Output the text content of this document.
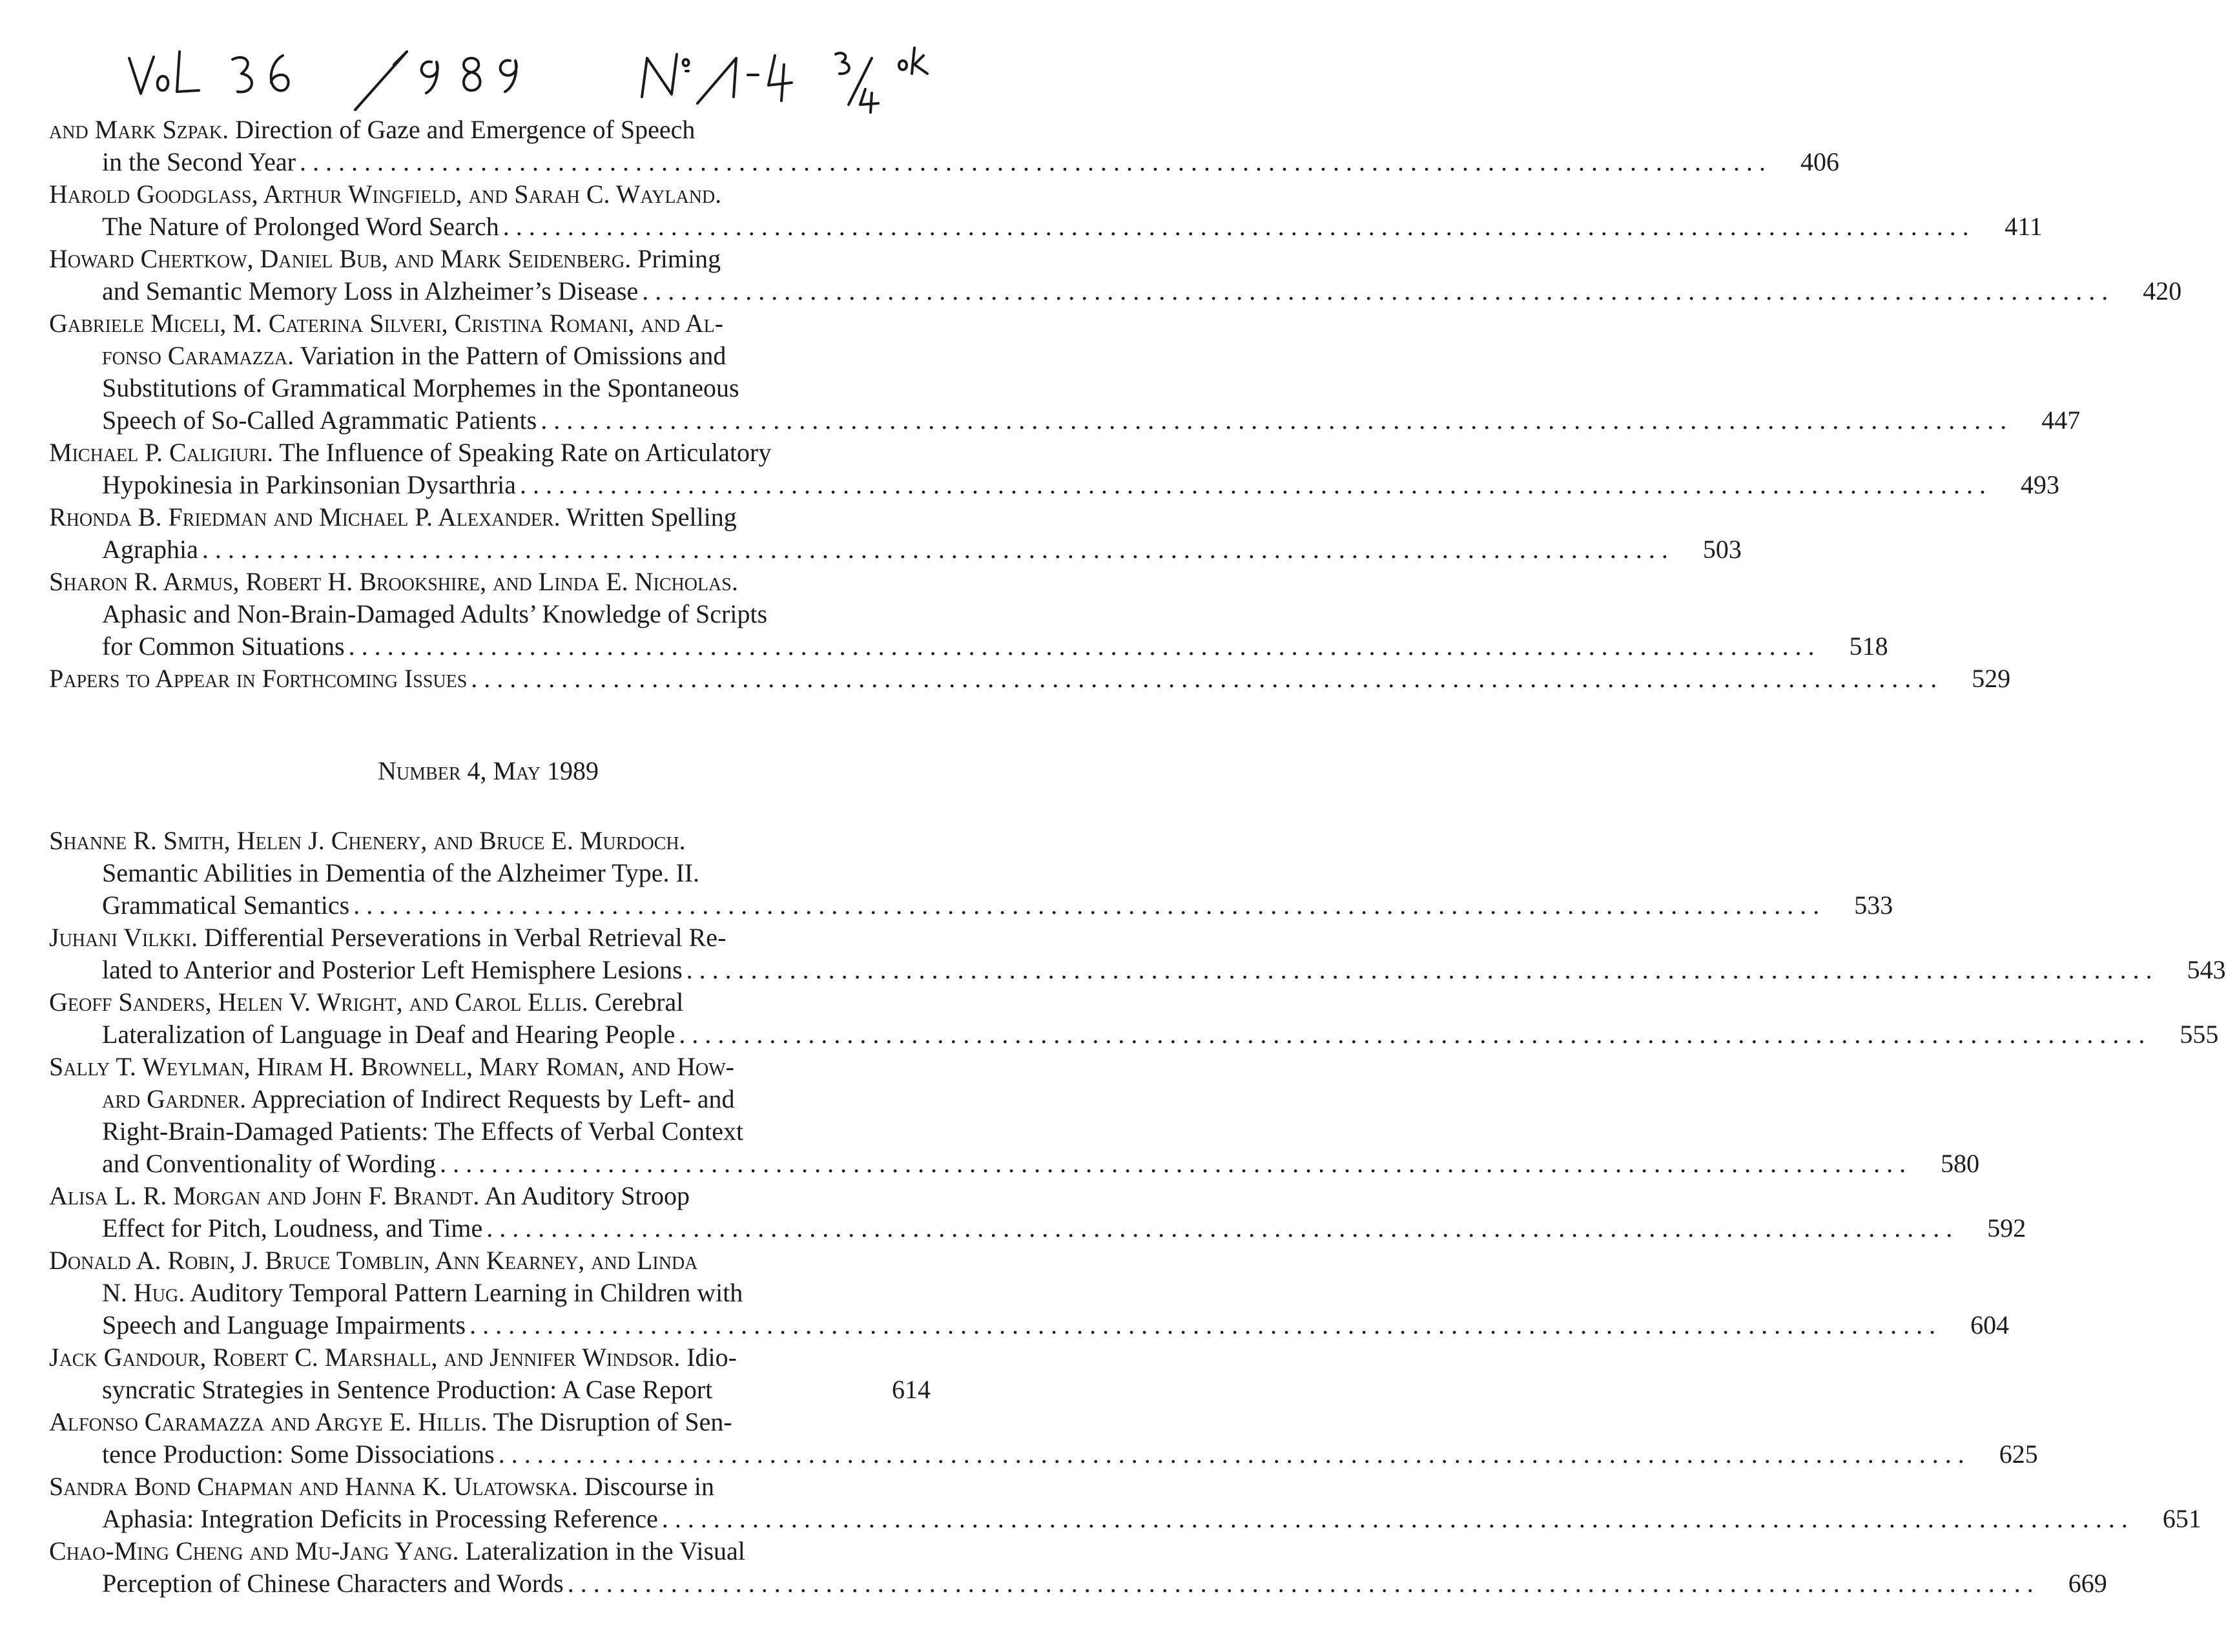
and Mark Szpak. Direction of Gaze and Emergence of Speech
in the Second Year . . .	406
Harold Goodglass, Arthur Wingfield, and Sarah C. Wayland.
The Nature of Prolonged Word Search . . .	411
Howard Chertkow, Daniel Bub, and Mark Seidenberg. Priming
and Semantic Memory Loss in Alzheimer’s Disease . . .	420
Gabriele Miceli, M. Caterina Silveri, Cristina Romani, and Al-
fonso Caramazza. Variation in the Pattern of Omissions and
Substitutions of Grammatical Morphemes in the Spontaneous
Speech of So-Called Agrammatic Patients . . .	447
Michael P. Caligiuri. The Influence of Speaking Rate on Articulatory
Hypokinesia in Parkinsonian Dysarthria . . .	493
Rhonda B. Friedman and Michael P. Alexander. Written Spelling
Agraphia . . .	503
Sharon R. Armus, Robert H. Brookshire, and Linda E. Nicholas.
Aphasic and Non-Brain-Damaged Adults’ Knowledge of Scripts
for Common Situations . . .	518
Papers to Appear in Forthcoming Issues . . .	529
Number 4, May 1989
Shanne R. Smith, Helen J. Chenery, and Bruce E. Murdoch.
Semantic Abilities in Dementia of the Alzheimer Type. II.
Grammatical Semantics . . .	533
Juhani Vilkki. Differential Perseverations in Verbal Retrieval Re-
lated to Anterior and Posterior Left Hemisphere Lesions . . .	543
Geoff Sanders, Helen V. Wright, and Carol Ellis. Cerebral
Lateralization of Language in Deaf and Hearing People . . .	555
Sally T. Weylman, Hiram H. Brownell, Mary Roman, and How-
ard Gardner. Appreciation of Indirect Requests by Left- and
Right-Brain-Damaged Patients: The Effects of Verbal Context
and Conventionality of Wording . . .	580
Alisa L. R. Morgan and John F. Brandt. An Auditory Stroop
Effect for Pitch, Loudness, and Time . . .	592
Donald A. Robin, J. Bruce Tomblin, Ann Kearney, and Linda
N. Hug. Auditory Temporal Pattern Learning in Children with
Speech and Language Impairments . . .	604
Jack Gandour, Robert C. Marshall, and Jennifer Windsor. Idio-
syncratic Strategies in Sentence Production: A Case Report	614
Alfonso Caramazza and Argye E. Hillis. The Disruption of Sen-
tence Production: Some Dissociations . . .	625
Sandra Bond Chapman and Hanna K. Ulatowska. Discourse in
Aphasia: Integration Deficits in Processing Reference . . .	651
Chao-Ming Cheng and Mu-Jang Yang. Lateralization in the Visual
Perception of Chinese Characters and Words . . .	669
